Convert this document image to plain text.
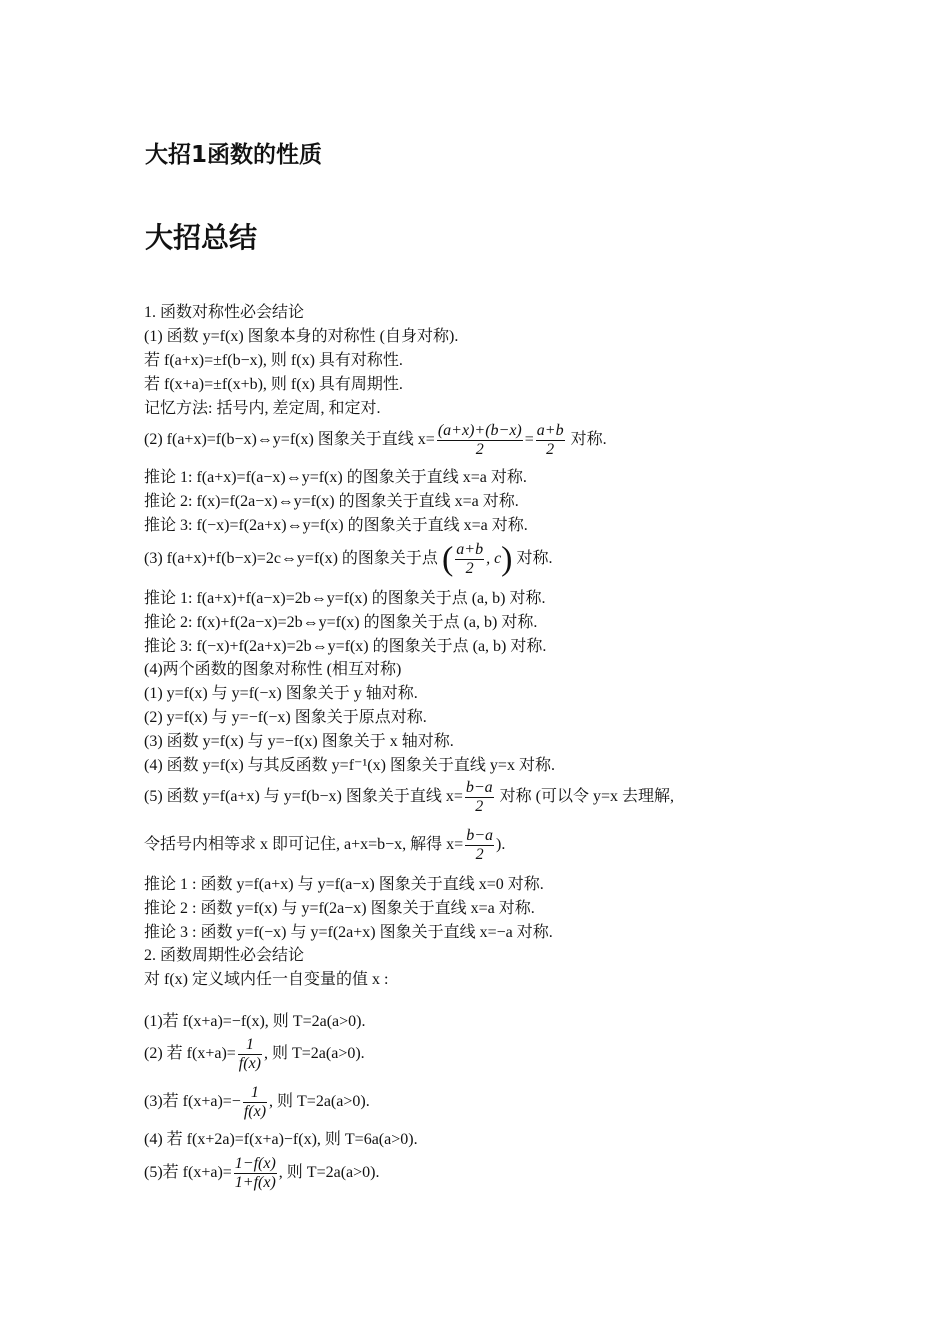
大招1函数的性质
大招总结
1. 函数对称性必会结论
(1) 函数 y=f(x) 图象本身的对称性 (自身对称).
若 f(a+x)=±f(b−x), 则 f(x) 具有对称性.
若 f(x+a)=±f(x+b), 则 f(x) 具有周期性.
记忆方法: 括号内, 差定周, 和定对.
(2) f(a+x)=f(b−x)⇔y=f(x) 图象关于直线 $x= \frac{(a+x)+(b-x)}{2} = \frac{a+b}{2}$ 对称.
推论 1: f(a+x)=f(a−x)⇔y=f(x) 的图象关于直线 x=a 对称.
推论 2: f(x)=f(2a−x)⇔y=f(x) 的图象关于直线 x=a 对称.
推论 3: f(−x)=f(2a+x)⇔y=f(x) 的图象关于直线 x=a 对称.
(3) f(a+x)+f(b−x)=2c⇔y=f(x) 的图象关于点 ( $\frac{a+b}{2}$ , c) 对称.
推论 1: f(a+x)+f(a−x)=2b⇔y=f(x) 的图象关于点 (a, b) 对称.
推论 2: f(x)+f(2a−x)=2b⇔y=f(x) 的图象关于点 (a, b) 对称.
推论 3: f(−x)+f(2a+x)=2b⇔y=f(x) 的图象关于点 (a, b) 对称.
(4)两个函数的图象对称性 (相互对称)
(1) y=f(x) 与 y=f(−x) 图象关于 y 轴对称.
(2) y=f(x) 与 y=−f(−x) 图象关于原点对称.
(3) 函数 y=f(x) 与 y=−f(x) 图象关于 x 轴对称.
(4) 函数 y=f(x) 与其反函数 y=f⁻¹(x) 图象关于直线 y=x 对称.
(5) 函数 y=f(a+x) 与 y=f(b−x) 图象关于直线 $x= \frac{b-a}{2}$ 对称 (可以令 y=x 去理解,
令括号内相等求 x 即可记住, a+x=b−x, 解得 $x= \frac{b-a}{2}$ ).
推论 1 : 函数 y=f(a+x) 与 y=f(a−x) 图象关于直线 x=0 对称.
推论 2 : 函数 y=f(x) 与 y=f(2a−x) 图象关于直线 x=a 对称.
推论 3 : 函数 y=f(−x) 与 y=f(2a+x) 图象关于直线 x=−a 对称.
2. 函数周期性必会结论
对 f(x) 定义域内任一自变量的值 x :
(1)若 f(x+a)=−f(x), 则 T=2a(a>0).
(2) 若 $f(x+a)= \frac{1}{f(x)}$ , 则 T=2a(a>0).
(3)若 $f(x+a)=- \frac{1}{f(x)}$ , 则 T=2a(a>0).
(4) 若 f(x+2a)=f(x+a)−f(x), 则 T=6a(a>0).
(5)若 $f(x+a)= \frac{1-f(x)}{1+f(x)}$ , 则 T=2a(a>0).
